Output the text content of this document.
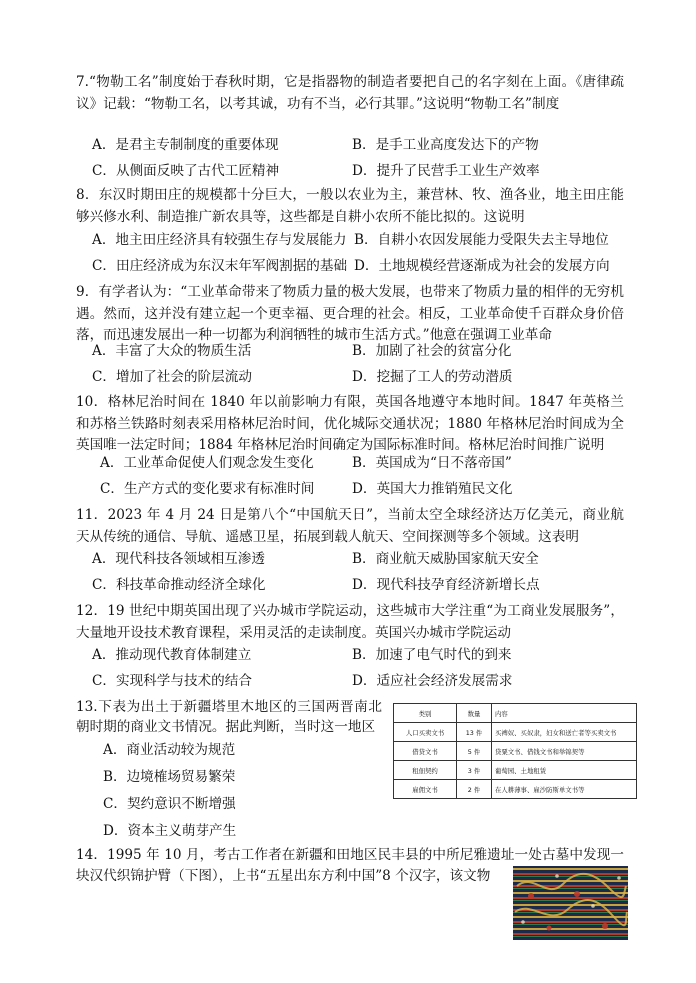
7.“物勒工名”制度始于春秋时期，它是指器物的制造者要把自己的名字刻在上面。《唐律疏议》记载：“物勒工名，以考其诚，功有不当，必行其罪。”这说明“物勒工名”制度
A．是君主专制制度的重要体现	B．是手工业高度发达下的产物
C．从侧面反映了古代工匠精神	D．提升了民营手工业生产效率
8．东汉时期田庄的规模都十分巨大，一般以农业为主，兼营林、牧、渔各业，地主田庄能够兴修水利、制造推广新农具等，这些都是自耕小农所不能比拟的。这说明
A．地主田庄经济具有较强生存与发展能力 B．自耕小农因发展能力受限失去主导地位
C．田庄经济成为东汉末年军阀割据的基础 D．土地规模经营逐渐成为社会的发展方向
9．有学者认为：“工业革命带来了物质力量的极大发展，也带来了物质力量的相伴的无穷机遇。然而，这并没有建立起一个更幸福、更合理的社会。相反，工业革命使千百群众身价倍落，而迅速发展出一种一切都为利润牺牲的城市生活方式。”他意在强调工业革命
A．丰富了大众的物质生活	B．加剧了社会的贫富分化
C．增加了社会的阶层流动	D．挖掘了工人的劳动潜质
10．格林尼治时间在 1840 年以前影响力有限，英国各地遵守本地时间。1847 年英格兰和苏格兰铁路时刻表采用格林尼治时间，优化城际交通状况；1880 年格林尼治时间成为全英国唯一法定时间；1884 年格林尼治时间确定为国际标准时间。格林尼治时间推广说明
A．工业革命促使人们观念发生变化	B．英国成为“日不落帝国”
C．生产方式的变化要求有标准时间	D．英国大力推销殖民文化
11．2023 年 4 月 24 日是第八个“中国航天日”，当前太空全球经济达万亿美元，商业航天从传统的通信、导航、遥感卫星，拓展到载人航天、空间探测等多个领域。这表明
A．现代科技各领域相互渗透	B．商业航天威胁国家航天安全
C．科技革命推动经济全球化	D．现代科技孕育经济新增长点
12．19 世纪中期英国出现了兴办城市学院运动，这些城市大学注重“为工商业发展服务”，大量地开设技术教育课程，采用灵活的走读制度。英国兴办城市学院运动
A．推动现代教育体制建立	B．加速了电气时代的到来
C．实现科学与技术的结合	D．适应社会经济发展需求
13.下表为出土于新疆塔里木地区的三国两晋南北朝时期的商业文书情况。据此判断，当时这一地区
A．商业活动较为规范
B．边境榷场贸易繁荣
C．契约意识不断增强
D．资本主义萌芽产生
类别	数量	内容
人口买卖文书	13 件	买裨奴、买奴隶，妇女和送亡者等买卖文书
借贷文书	5 件	贷粟文书、借钱文书和举锦契等
租佃契约	3 件	葡萄园、土地租赁
雇佣文书	2 件	在人耕薄事、雇沙防斯单文书等
14．1995 年 10 月，考古工作者在新疆和田地区民丰县的中所尼雅遗址一处古墓中发现一块汉代织锦护臂（下图），上书“五星出东方利中国”8 个汉字，该文物
